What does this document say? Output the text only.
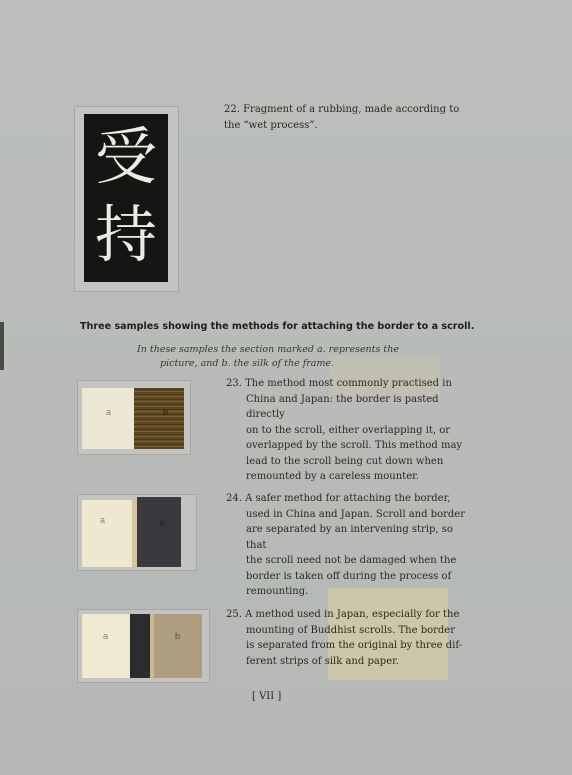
受
持
22. Fragment of a rubbing, made according to the “wet process”.
Three samples showing the methods for attaching the border to a scroll.
In these samples the section marked a. represents the
picture, and b. the silk of the frame.
a	b
23. The method most commonly practised in
China and Japan: the border is pasted directly
on to the scroll, either overlapping it, or
overlapped by the scroll. This method may
lead to the scroll being cut down when
remounted by a careless mounter.
a	b
24. A safer method for attaching the border,
used in China and Japan. Scroll and border
are separated by an intervening strip, so that
the scroll need not be damaged when the
border is taken off during the process of
remounting.
a	b
25. A method used in Japan, especially for the
mounting of Buddhist scrolls. The border
is separated from the original by three dif-
ferent strips of silk and paper.
[ VII ]
